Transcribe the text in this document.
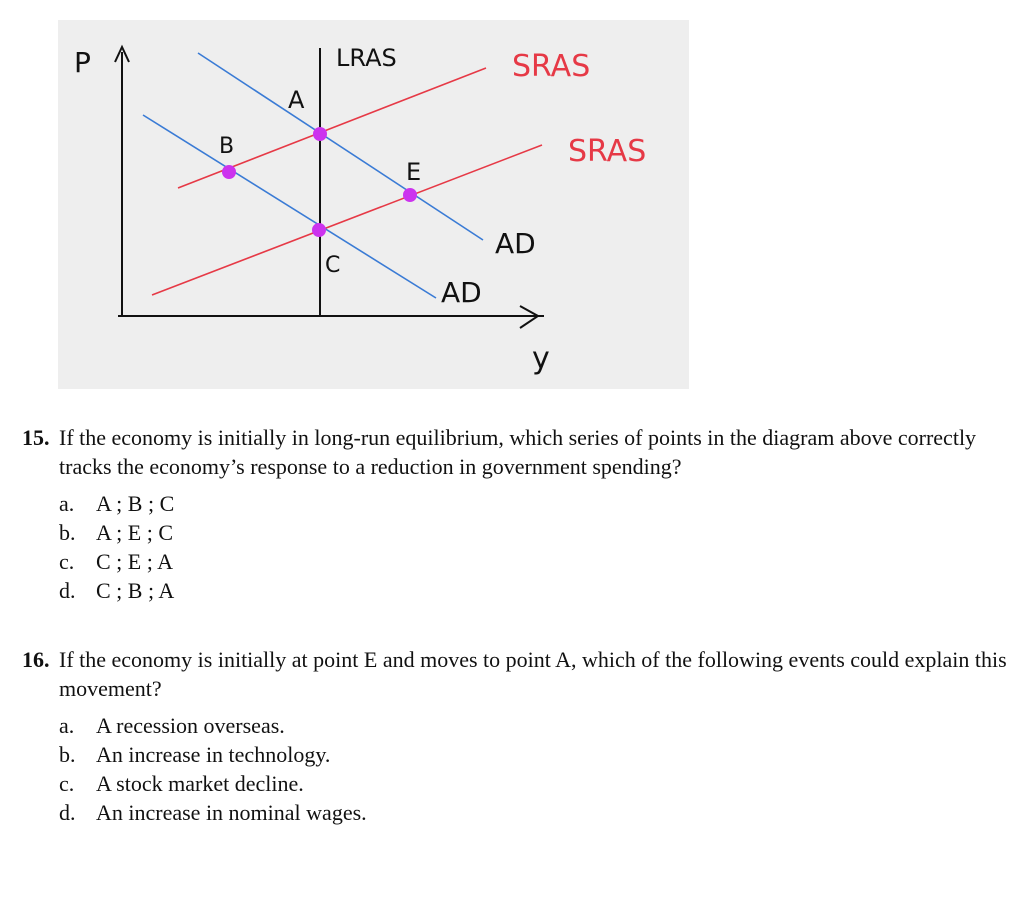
P
y
LRAS	SRAS
SRAS
AD
AD
A
B
C
E
15. If the economy is initially in long-run equilibrium, which series of points in the diagram above correctly tracks the economy’s response to a reduction in government spending?
a. A ; B ; C
b. A ; E ; C
c. C ; E ; A
d. C ; B ; A
16. If the economy is initially at point E and moves to point A, which of the following events could explain this movement?
a. A recession overseas.
b. An increase in technology.
c. A stock market decline.
d. An increase in nominal wages.
